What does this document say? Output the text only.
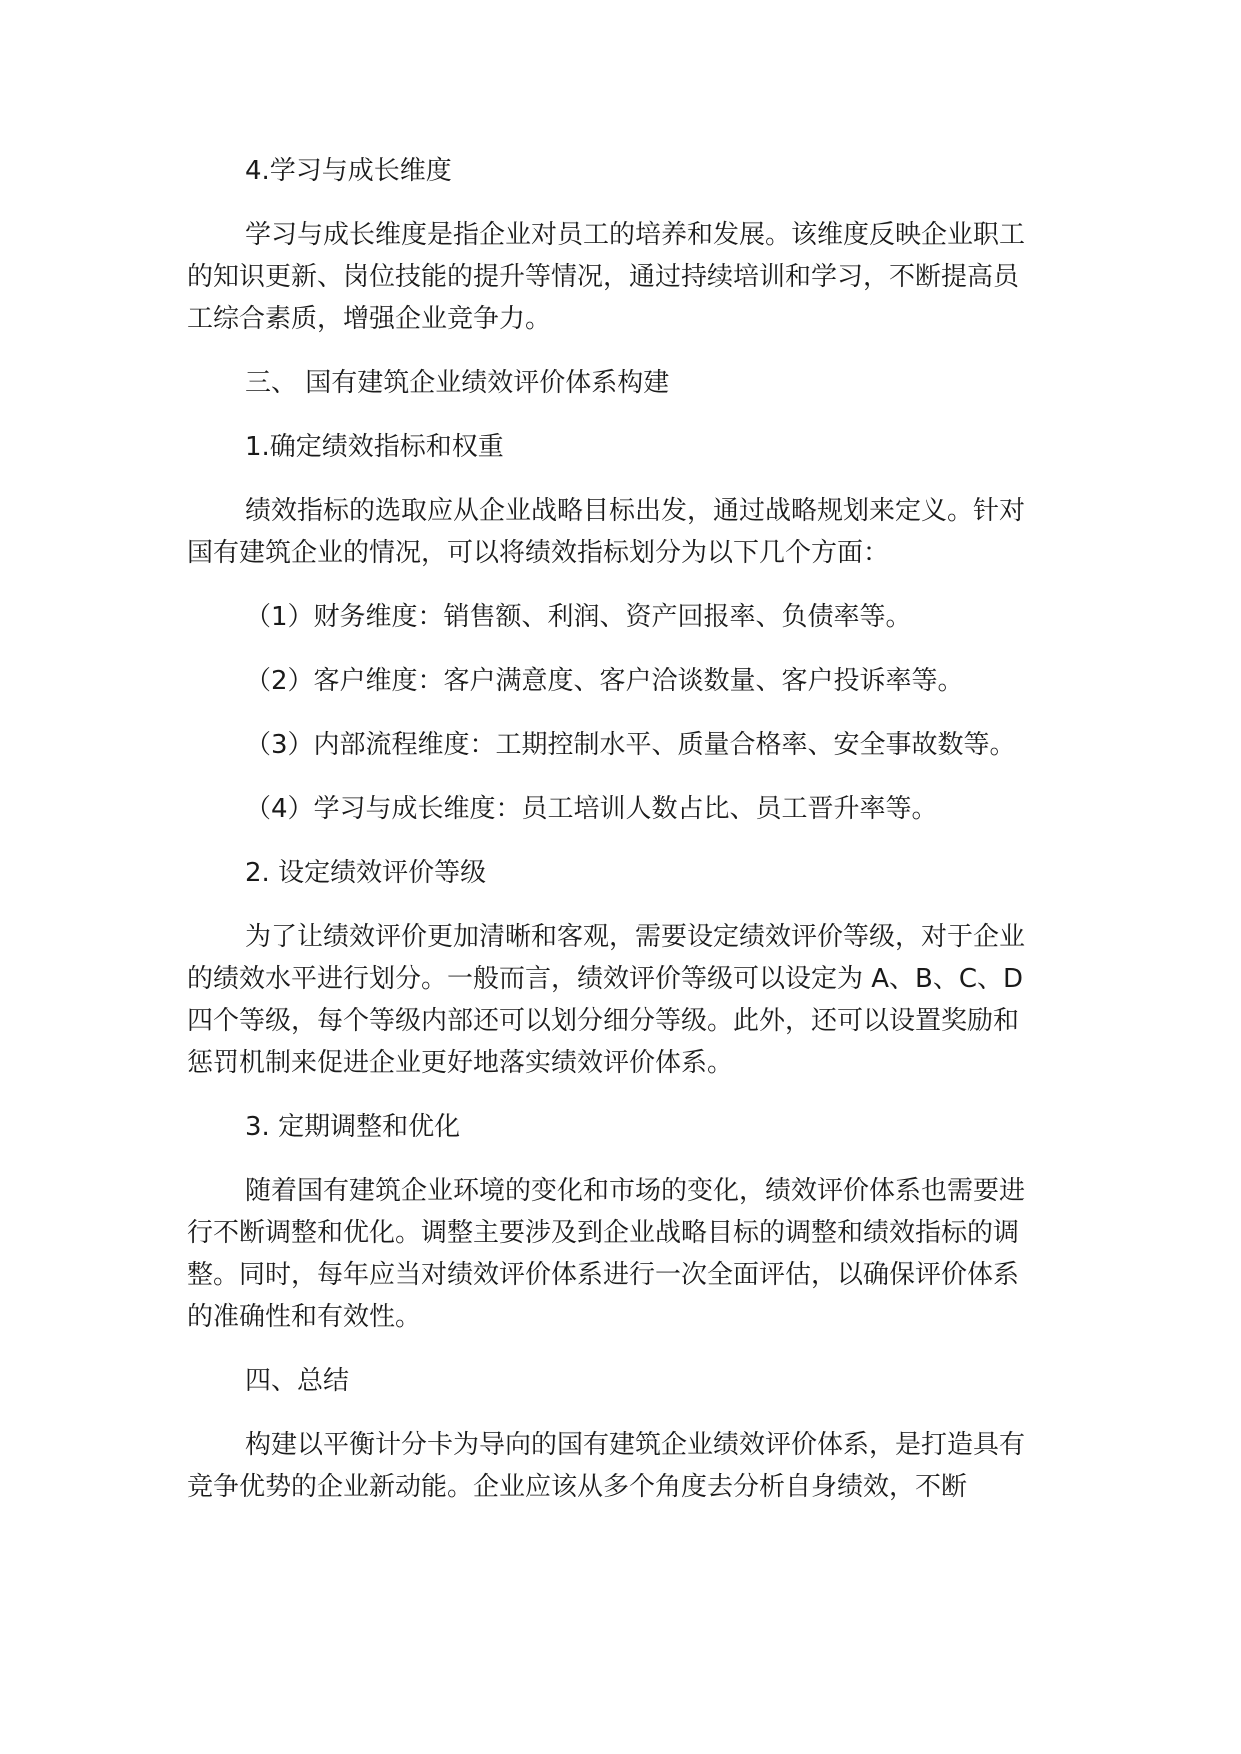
4.学习与成长维度

学习与成长维度是指企业对员工的培养和发展。该维度反映企业职工的知识更新、岗位技能的提升等情况，通过持续培训和学习，不断提高员工综合素质，增强企业竞争力。

三、 国有建筑企业绩效评价体系构建

1.确定绩效指标和权重

绩效指标的选取应从企业战略目标出发，通过战略规划来定义。针对国有建筑企业的情况，可以将绩效指标划分为以下几个方面：

（1）财务维度：销售额、利润、资产回报率、负债率等。

（2）客户维度：客户满意度、客户洽谈数量、客户投诉率等。

（3）内部流程维度：工期控制水平、质量合格率、安全事故数等。

（4）学习与成长维度：员工培训人数占比、员工晋升率等。

2. 设定绩效评价等级

为了让绩效评价更加清晰和客观，需要设定绩效评价等级，对于企业的绩效水平进行划分。一般而言，绩效评价等级可以设定为 A、B、C、D 四个等级，每个等级内部还可以划分细分等级。此外，还可以设置奖励和惩罚机制来促进企业更好地落实绩效评价体系。

3. 定期调整和优化

随着国有建筑企业环境的变化和市场的变化，绩效评价体系也需要进行不断调整和优化。调整主要涉及到企业战略目标的调整和绩效指标的调整。同时，每年应当对绩效评价体系进行一次全面评估，以确保评价体系的准确性和有效性。

四、总结

构建以平衡计分卡为导向的国有建筑企业绩效评价体系，是打造具有竞争优势的企业新动能。企业应该从多个角度去分析自身绩效，不断
